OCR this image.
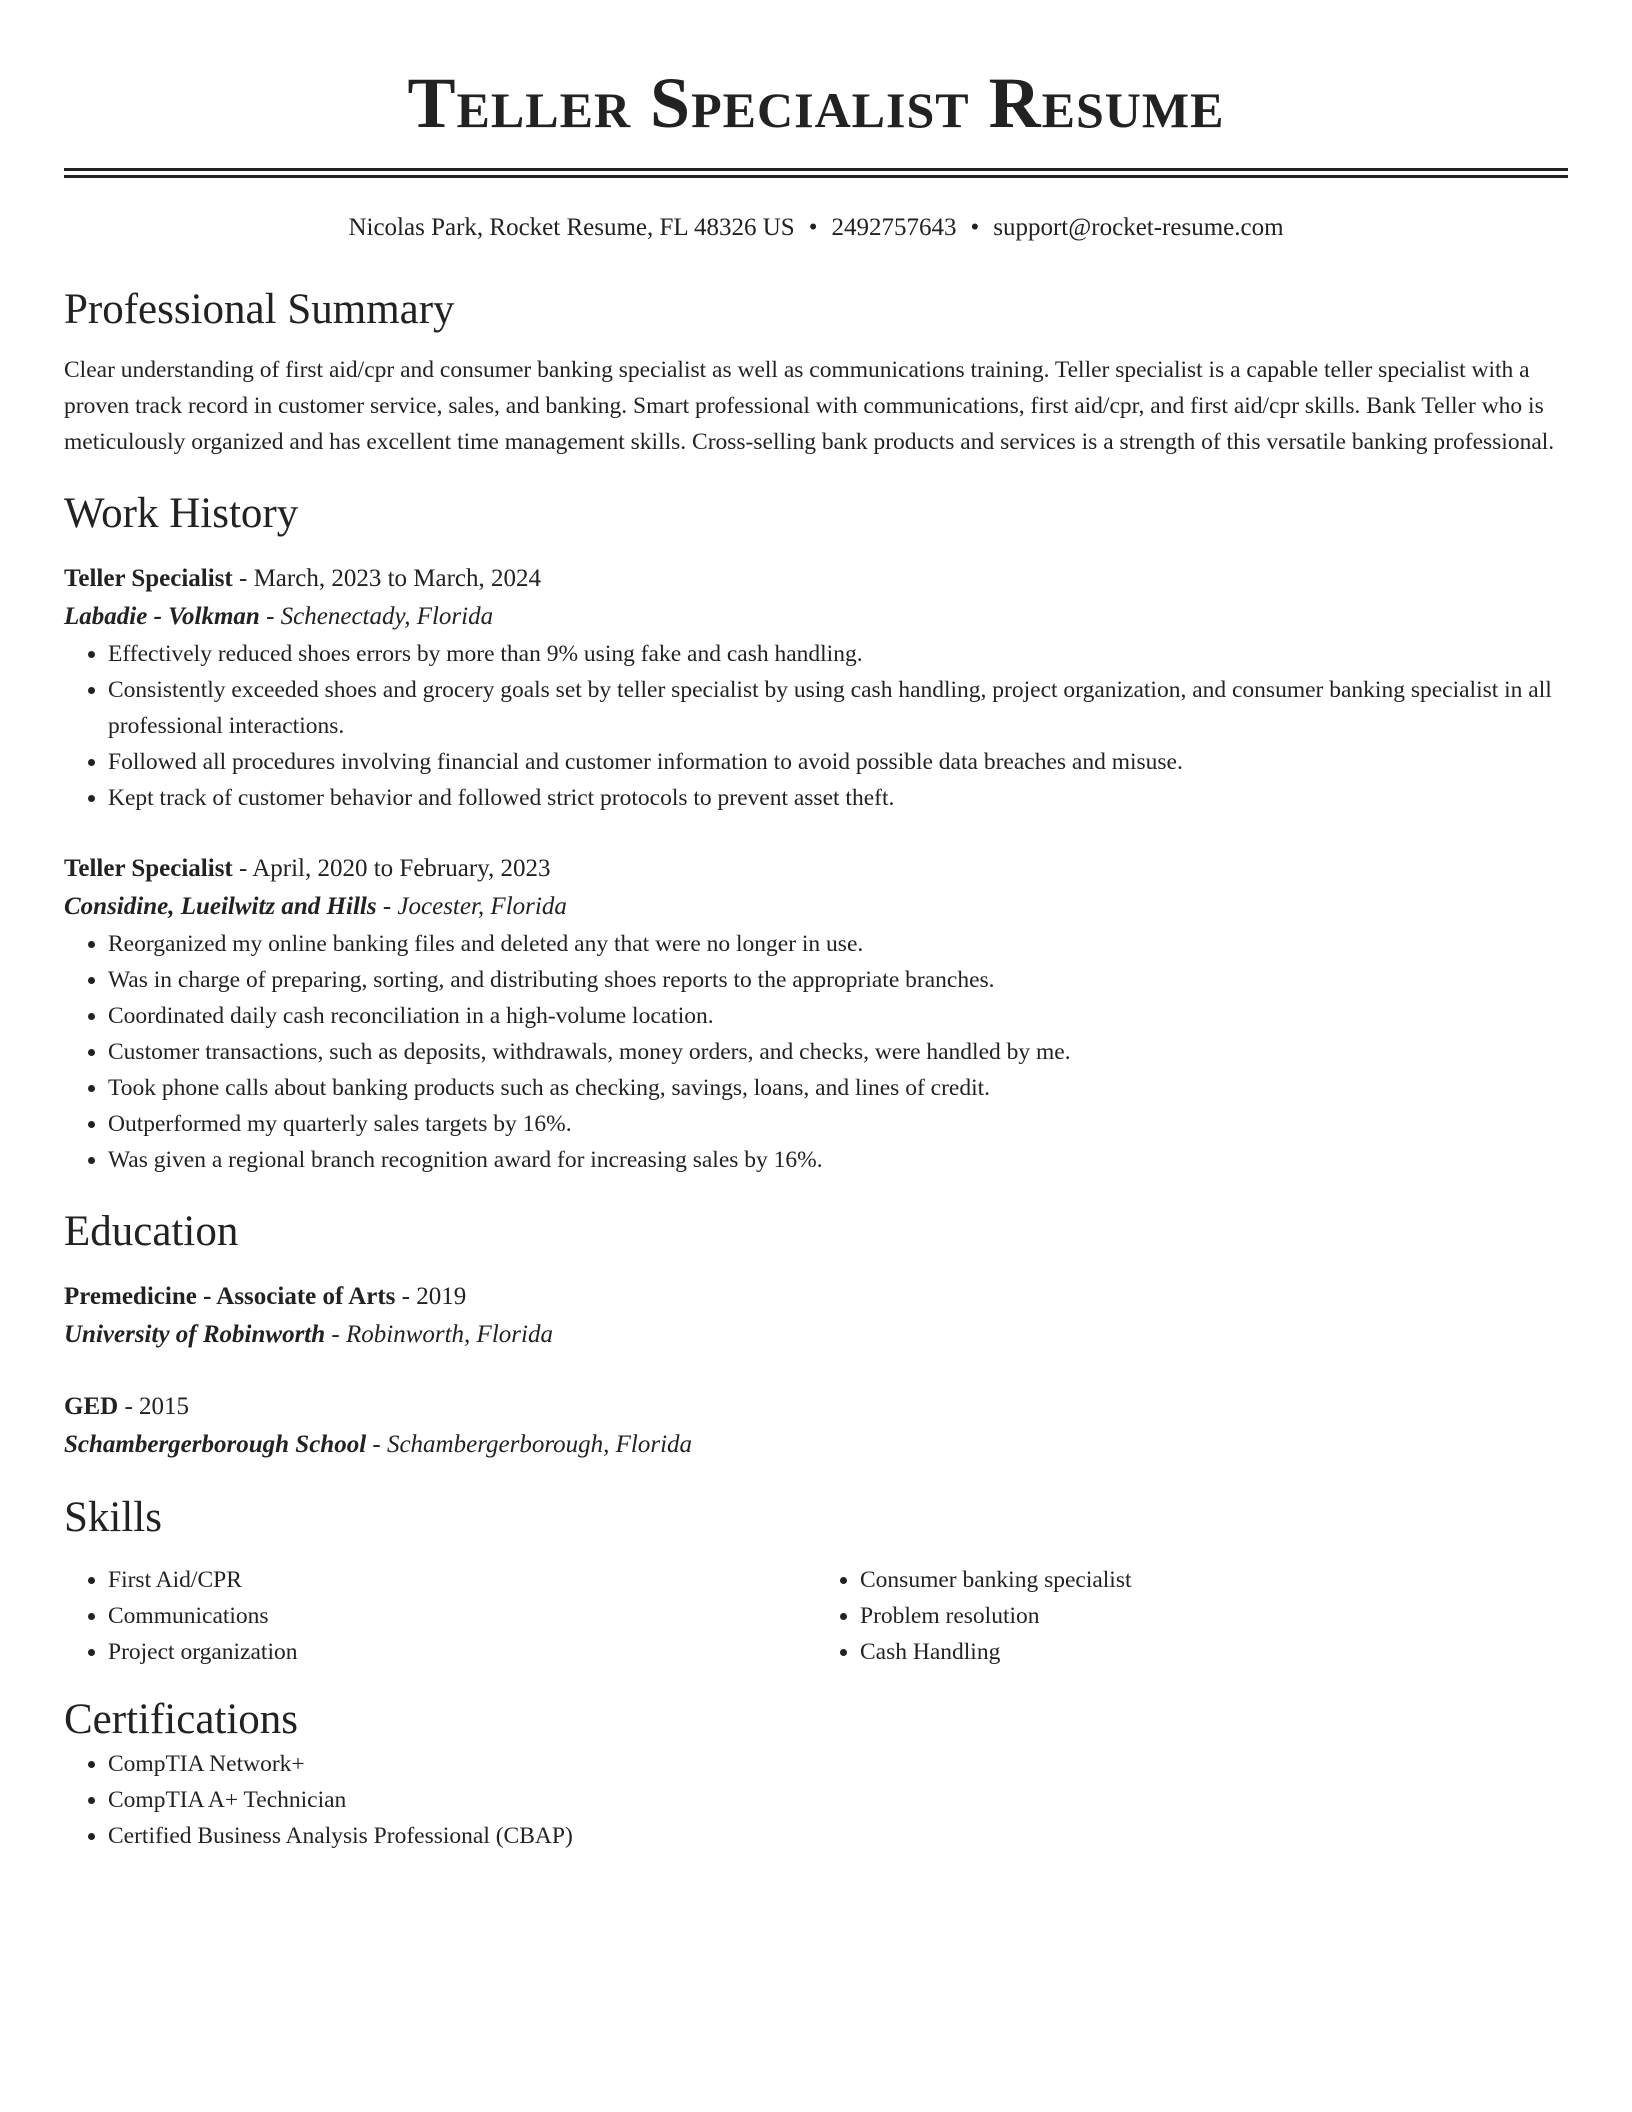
Teller Specialist Resume
Nicolas Park, Rocket Resume, FL 48326 US • 2492757643 • support@rocket-resume.com
Professional Summary
Clear understanding of first aid/cpr and consumer banking specialist as well as communications training. Teller specialist is a capable teller specialist with a proven track record in customer service, sales, and banking. Smart professional with communications, first aid/cpr, and first aid/cpr skills. Bank Teller who is meticulously organized and has excellent time management skills. Cross-selling bank products and services is a strength of this versatile banking professional.
Work History
Teller Specialist - March, 2023 to March, 2024
Labadie - Volkman - Schenectady, Florida
• Effectively reduced shoes errors by more than 9% using fake and cash handling.
• Consistently exceeded shoes and grocery goals set by teller specialist by using cash handling, project organization, and consumer banking specialist in all professional interactions.
• Followed all procedures involving financial and customer information to avoid possible data breaches and misuse.
• Kept track of customer behavior and followed strict protocols to prevent asset theft.
Teller Specialist - April, 2020 to February, 2023
Considine, Lueilwitz and Hills - Jocester, Florida
• Reorganized my online banking files and deleted any that were no longer in use.
• Was in charge of preparing, sorting, and distributing shoes reports to the appropriate branches.
• Coordinated daily cash reconciliation in a high-volume location.
• Customer transactions, such as deposits, withdrawals, money orders, and checks, were handled by me.
• Took phone calls about banking products such as checking, savings, loans, and lines of credit.
• Outperformed my quarterly sales targets by 16%.
• Was given a regional branch recognition award for increasing sales by 16%.
Education
Premedicine - Associate of Arts - 2019
University of Robinworth - Robinworth, Florida
GED - 2015
Schambergerborough School - Schambergerborough, Florida
Skills
• First Aid/CPR
• Communications
• Project organization
• Consumer banking specialist
• Problem resolution
• Cash Handling
Certifications
• CompTIA Network+
• CompTIA A+ Technician
• Certified Business Analysis Professional (CBAP)
